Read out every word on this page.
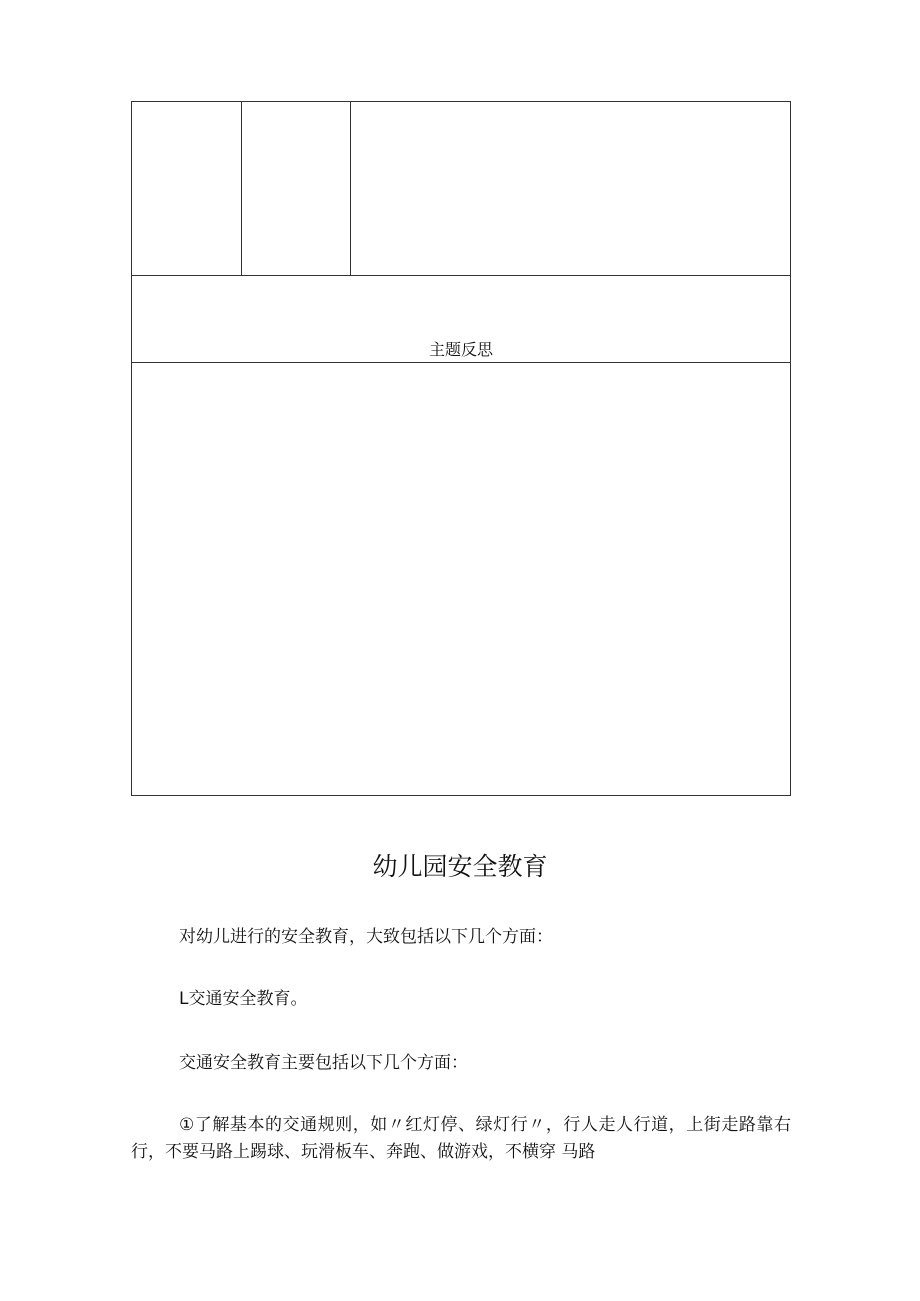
主题反思
幼儿园安全教育

对幼儿进行的安全教育，大致包括以下几个方面：

L交通安全教育。

交通安全教育主要包括以下几个方面：

①了解基本的交通规则，如〃红灯停、绿灯行〃，行人走人行道，上街走路靠右行，不要马路上踢球、玩滑板车、奔跑、做游戏，不横穿 马路
